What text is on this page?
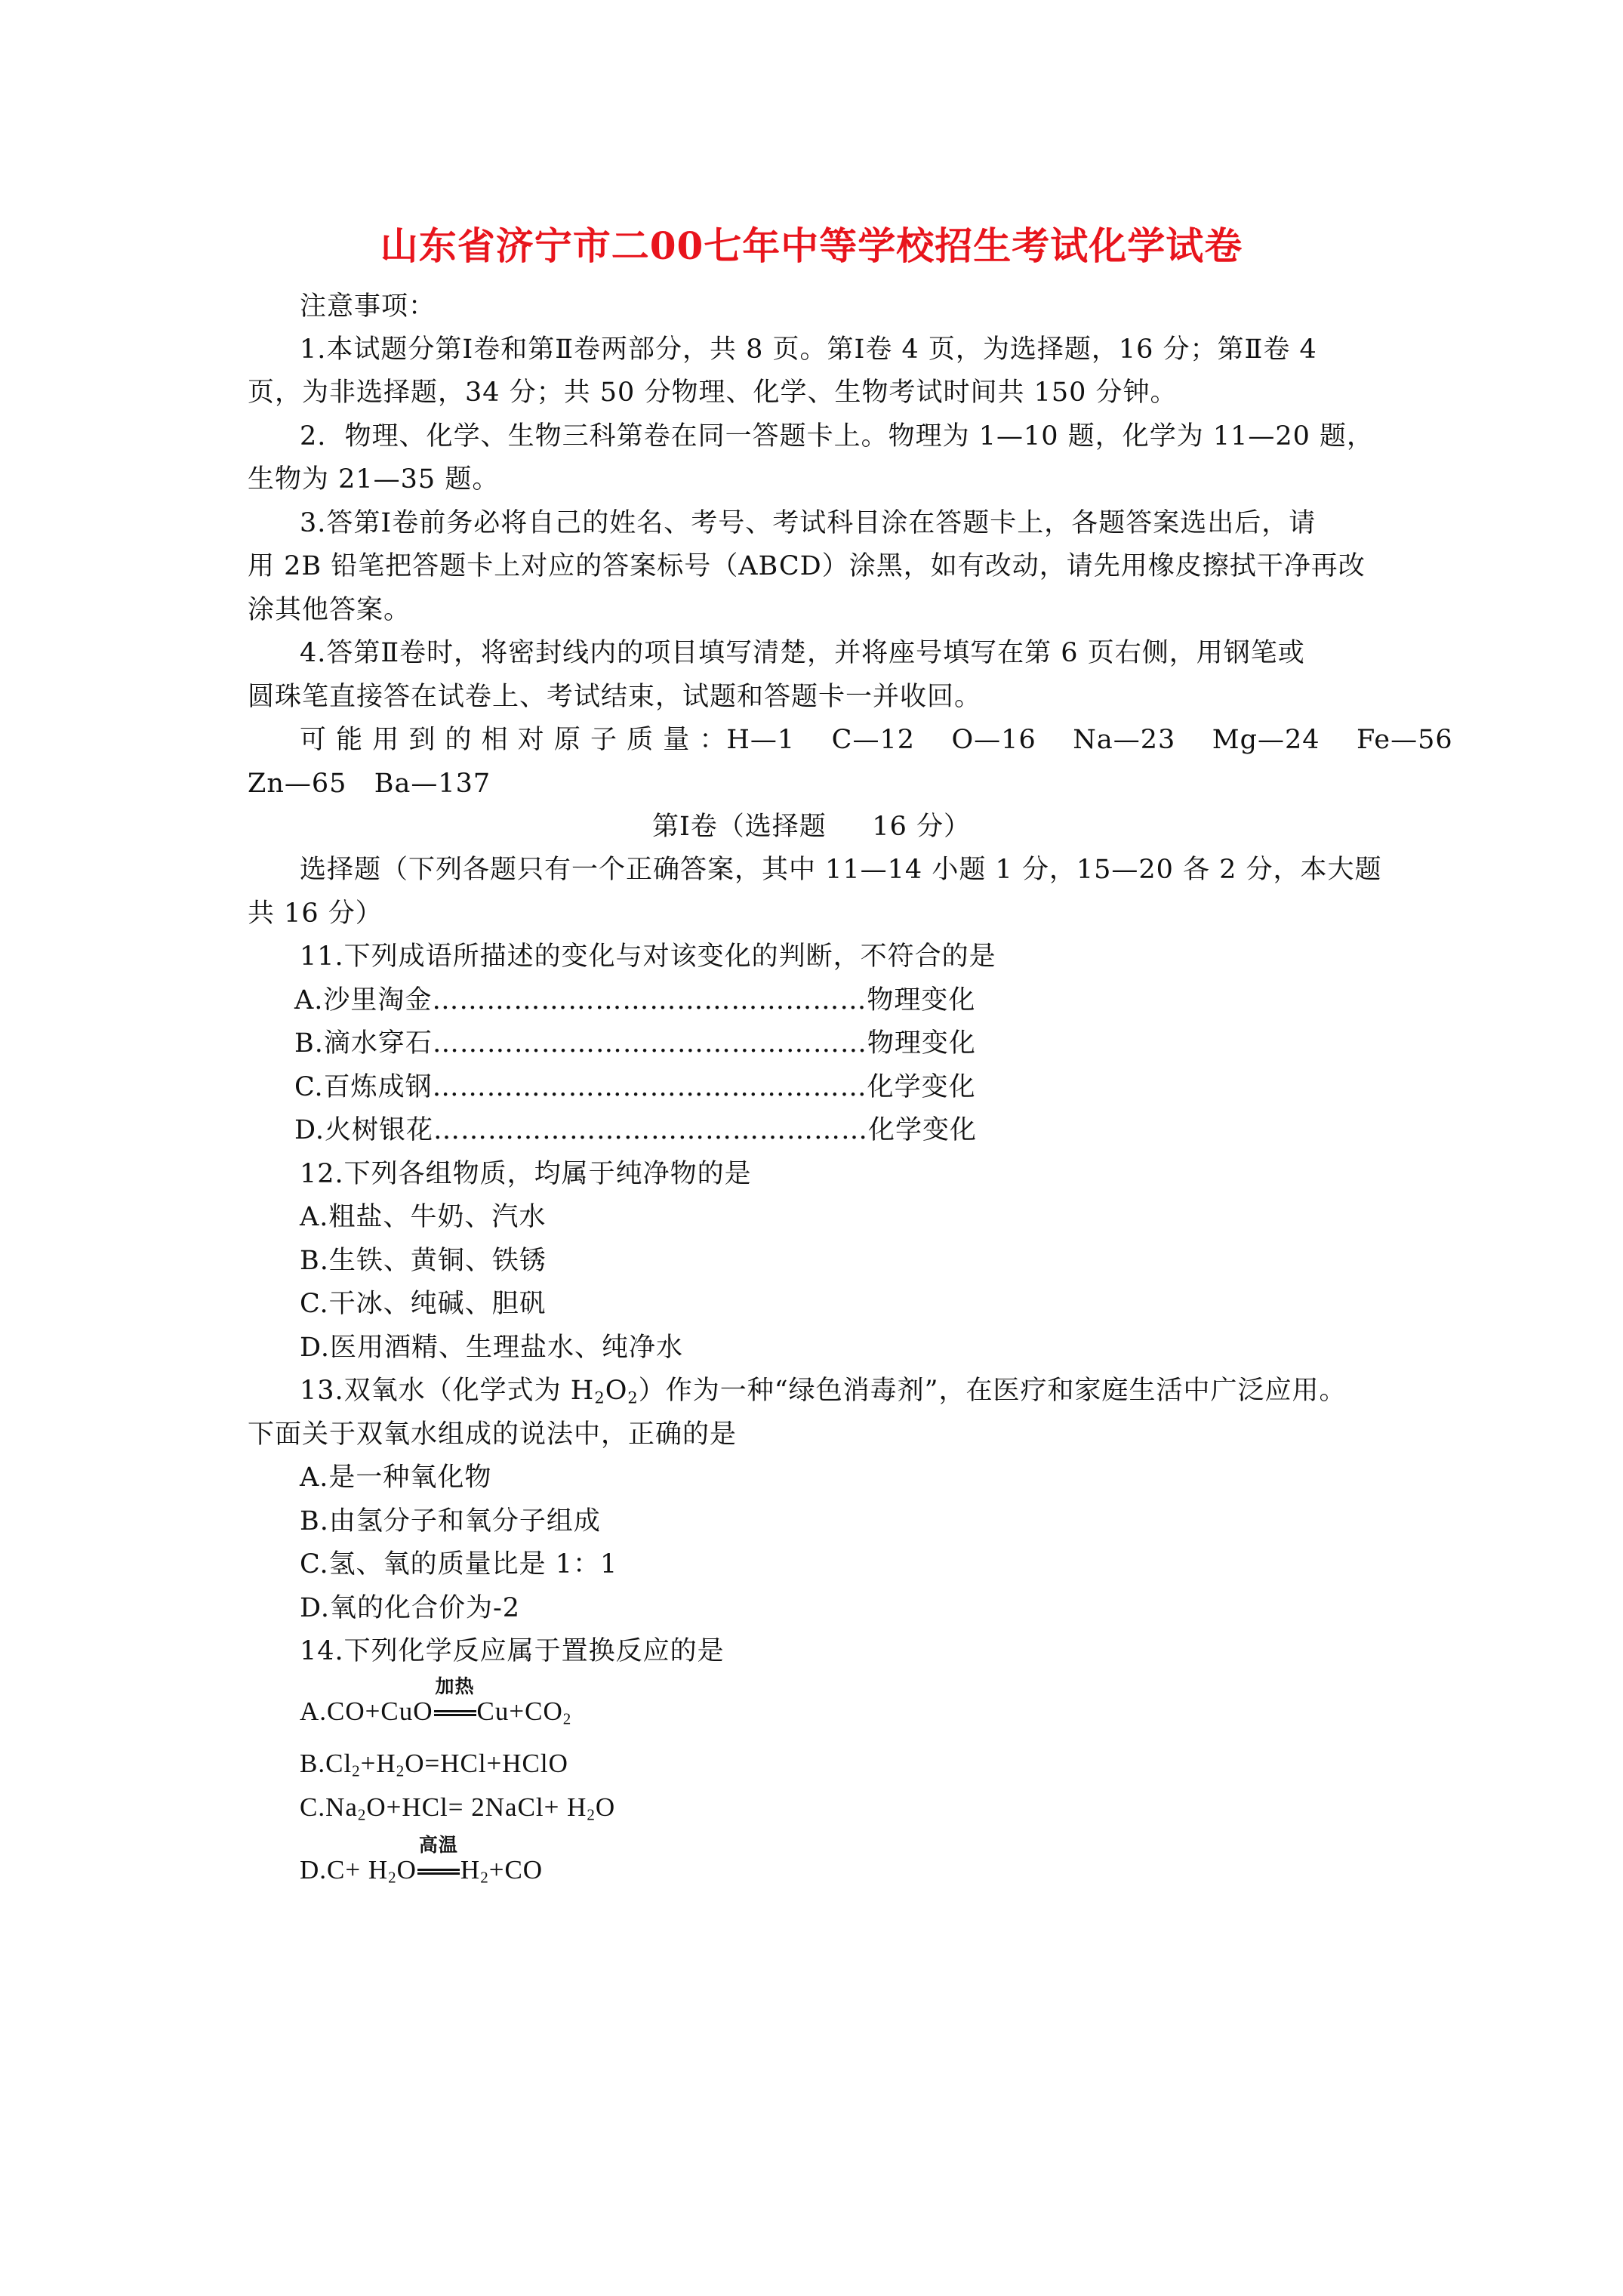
山东省济宁市二00七年中等学校招生考试化学试卷
注意事项：
1.本试题分第Ⅰ卷和第Ⅱ卷两部分，共 8 页。第Ⅰ卷 4 页，为选择题，16 分；第Ⅱ卷 4
页，为非选择题，34 分；共 50 分物理、化学、生物考试时间共 150 分钟。
2.  物理、化学、生物三科第卷在同一答题卡上。物理为 1—10 题，化学为 11—20 题，
生物为 21—35 题。
3.答第Ⅰ卷前务必将自己的姓名、考号、考试科目涂在答题卡上，各题答案选出后，请
用 2B 铅笔把答题卡上对应的答案标号（ABCD）涂黑，如有改动，请先用橡皮擦拭干净再改
涂其他答案。
4.答第Ⅱ卷时，将密封线内的项目填写清楚，并将座号填写在第 6 页右侧，用钢笔或
圆珠笔直接答在试卷上、考试结束，试题和答题卡一并收回。
可 能 用 到 的 相 对 原 子 质 量 ：H—1    C—12    O—16    Na—23    Mg—24    Fe—56
Zn—65   Ba—137
第Ⅰ卷（选择题     16 分）
选择题（下列各题只有一个正确答案，其中 11—14 小题 1 分，15—20 各 2 分，本大题
共 16 分）
11.下列成语所描述的变化与对该变化的判断，不符合的是
A.沙里淘金…………………………………………物理变化
B.滴水穿石…………………………………………物理变化
C.百炼成钢…………………………………………化学变化
D.火树银花…………………………………………化学变化
12.下列各组物质，均属于纯净物的是
A.粗盐、牛奶、汽水
B.生铁、黄铜、铁锈
C.干冰、纯碱、胆矾
D.医用酒精、生理盐水、纯净水
13.双氧水（化学式为 $H_2O_2$）作为一种“绿色消毒剂”，在医疗和家庭生活中广泛应用。
下面关于双氧水组成的说法中，正确的是
A.是一种氧化物
B.由氢分子和氧分子组成
C.氢、氧的质量比是 1：1
D.氧的化合价为-2
14.下列化学反应属于置换反应的是
A.CO+CuO
加热
$Cu+CO_2$
$B.Cl_2+H_2O=HCl+HClO$
$C.Na_2O+HCl=$ 2NaCl+ $H_2O$
$D.C+ H_2O$
高温
$H_2+CO$
